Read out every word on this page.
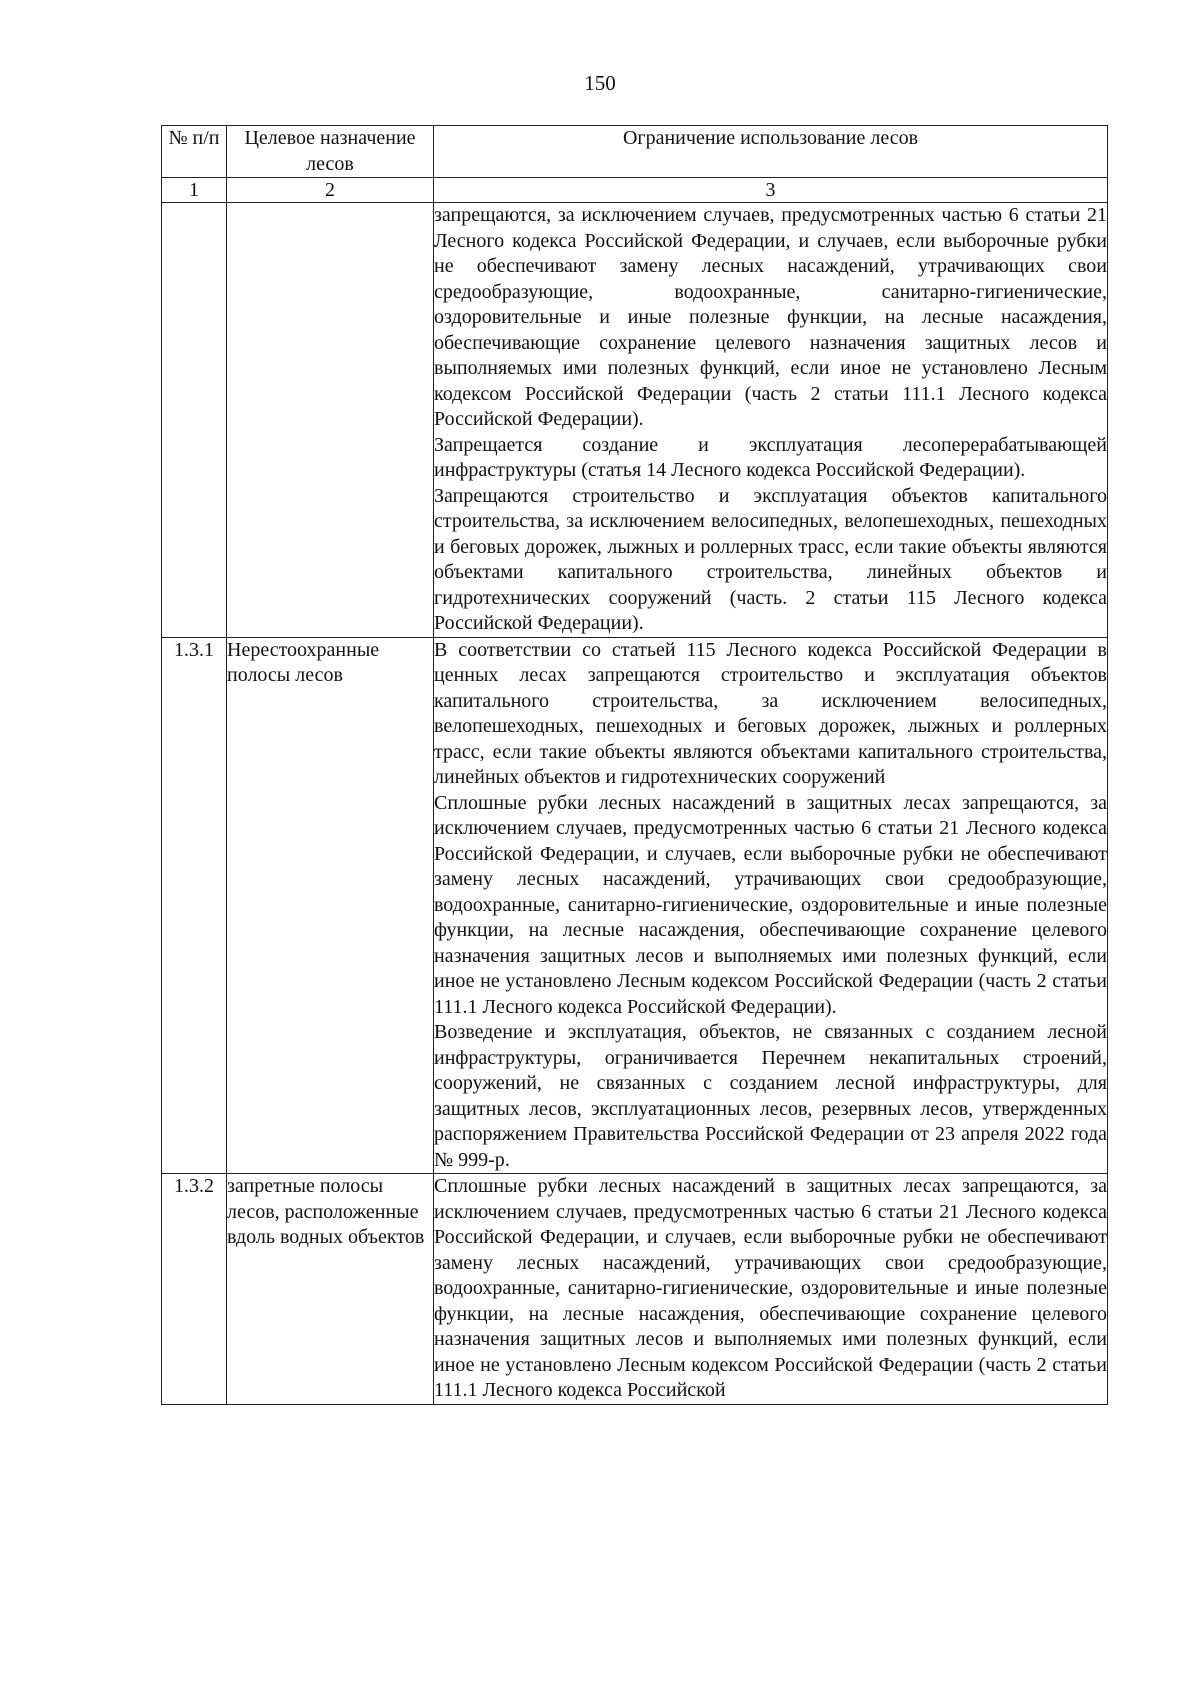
150
№ п/п	Целевое назначение лесов	Ограничение использование лесов

1	2	3

		запрещаются, за исключением случаев, предусмотренных частью 6 статьи 21 Лесного кодекса Российской Федерации, и случаев, если выборочные рубки не обеспечивают замену лесных насаждений, утрачивающих свои средообразующие, водоохранные, санитарно-гигиенические, оздоровительные и иные полезные функции, на лесные насаждения, обеспечивающие сохранение целевого назначения защитных лесов и выполняемых ими полезных функций, если иное не установлено Лесным кодексом Российской Федерации (часть 2 статьи 111.1 Лесного кодекса Российской Федерации).

Запрещается создание и эксплуатация лесоперерабатывающей инфраструктуры (статья 14 Лесного кодекса Российской Федерации).

Запрещаются строительство и эксплуатация объектов капитального строительства, за исключением велосипедных, велопешеходных, пешеходных и беговых дорожек, лыжных и роллерных трасс, если такие объекты являются объектами капитального строительства, линейных объектов и гидротехнических сооружений (часть. 2 статьи 115 Лесного кодекса Российской Федерации).

1.3.1	Нерестоохранные полосы лесов	В соответствии со статьей 115 Лесного кодекса Российской Федерации в ценных лесах запрещаются строительство и эксплуатация объектов капитального строительства, за исключением велосипедных, велопешеходных, пешеходных и беговых дорожек, лыжных и роллерных трасс, если такие объекты являются объектами капитального строительства, линейных объектов и гидротехнических сооружений

Сплошные рубки лесных насаждений в защитных лесах запрещаются, за исключением случаев, предусмотренных частью 6 статьи 21 Лесного кодекса Российской Федерации, и случаев, если выборочные рубки не обеспечивают замену лесных насаждений, утрачивающих свои средообразующие, водоохранные, санитарно-гигиенические, оздоровительные и иные полезные функции, на лесные насаждения, обеспечивающие сохранение целевого назначения защитных лесов и выполняемых ими полезных функций, если иное не установлено Лесным кодексом Российской Федерации (часть 2 статьи 111.1 Лесного кодекса Российской Федерации).

Возведение и эксплуатация, объектов, не связанных с созданием лесной инфраструктуры, ограничивается Перечнем некапитальных строений, сооружений, не связанных с созданием лесной инфраструктуры, для защитных лесов, эксплуатационных лесов, резервных лесов, утвержденных распоряжением Правительства Российской Федерации от 23 апреля 2022 года № 999-р.

1.3.2	запретные полосы лесов, расположенные вдоль водных объектов	Сплошные рубки лесных насаждений в защитных лесах запрещаются, за исключением случаев, предусмотренных частью 6 статьи 21 Лесного кодекса Российской Федерации, и случаев, если выборочные рубки не обеспечивают замену лесных насаждений, утрачивающих свои средообразующие, водоохранные, санитарно-гигиенические, оздоровительные и иные полезные функции, на лесные насаждения, обеспечивающие сохранение целевого назначения защитных лесов и выполняемых ими полезных функций, если иное не установлено Лесным кодексом Российской Федерации (часть 2 статьи 111.1 Лесного кодекса Российской
